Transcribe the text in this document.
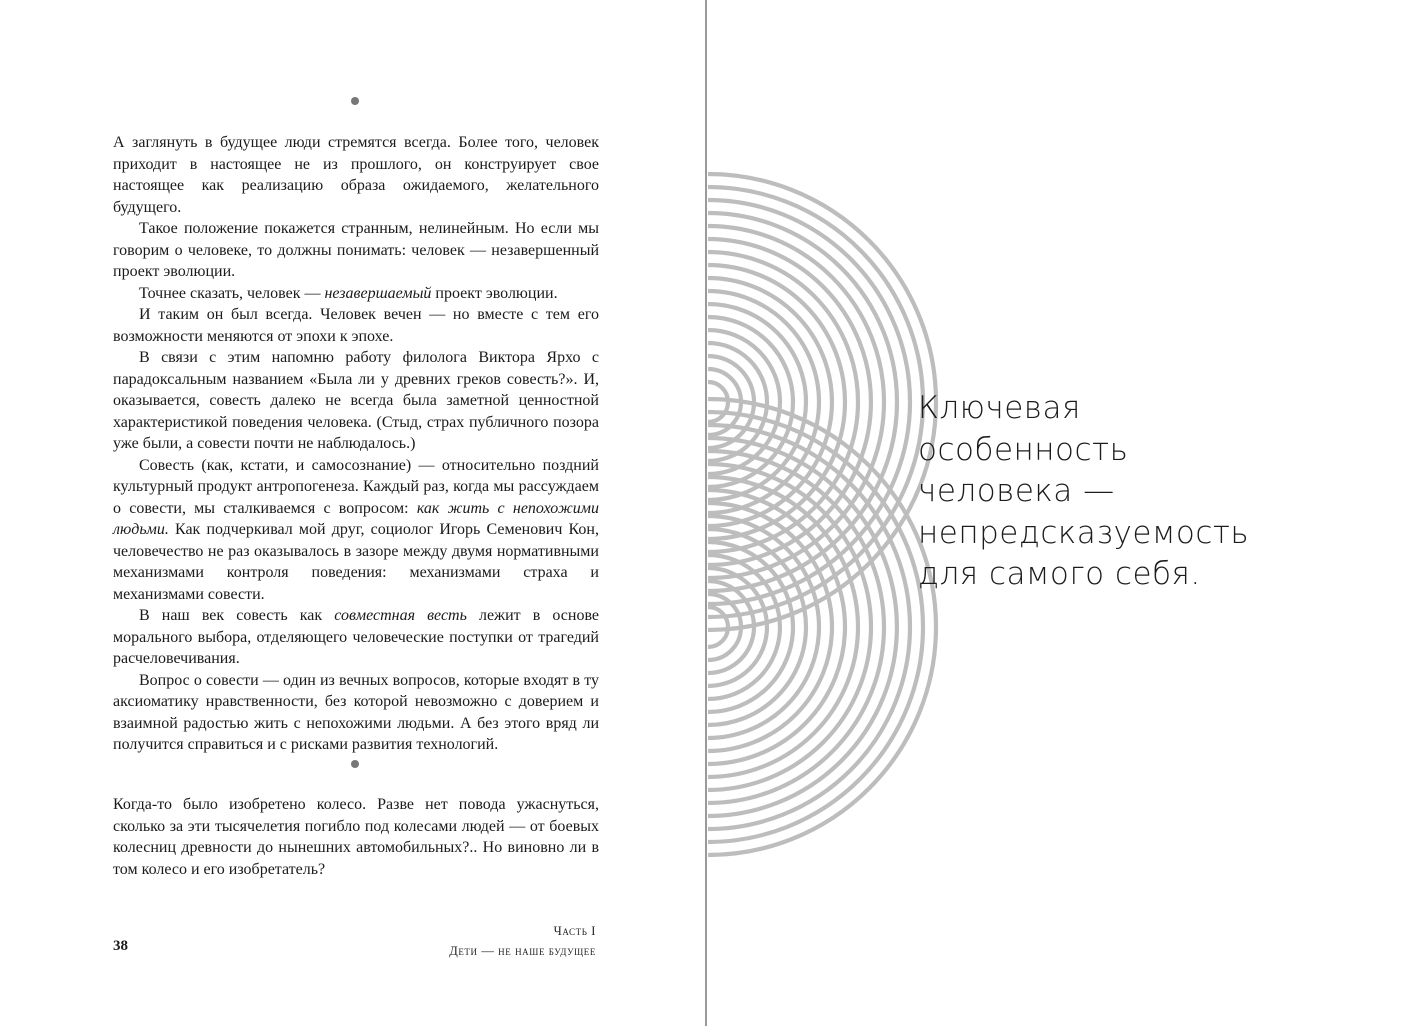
А заглянуть в будущее люди стремятся всегда. Более того, человек приходит в настоящее не из прошлого, он конструирует свое настоящее как реализацию образа ожидаемого, желательного будущего.

Такое положение покажется странным, нелинейным. Но если мы говорим о человеке, то должны понимать: человек — незавершенный проект эволюции.

Точнее сказать, человек — незавершаемый проект эволюции.

И таким он был всегда. Человек вечен — но вместе с тем его возможности меняются от эпохи к эпохе.

В связи с этим напомню работу филолога Виктора Ярхо с парадоксальным названием «Была ли у древних греков совесть?». И, оказывается, совесть далеко не всегда была заметной ценностной характеристикой поведения человека. (Стыд, страх публичного позора уже были, а совести почти не наблюдалось.)

Совесть (как, кстати, и самосознание) — относительно поздний культурный продукт антропогенеза. Каждый раз, когда мы рассуждаем о совести, мы сталкиваемся с вопросом: как жить с непохожими людьми. Как подчеркивал мой друг, социолог Игорь Семенович Кон, человечество не раз оказывалось в зазоре между двумя нормативными механизмами контроля поведения: механизмами страха и механизмами совести.

В наш век совесть как совместная весть лежит в основе морального выбора, отделяющего человеческие поступки от трагедий расчеловечивания.

Вопрос о совести — один из вечных вопросов, которые входят в ту аксиоматику нравственности, без которой невозможно с доверием и взаимной радостью жить с непохожими людьми. А без этого вряд ли получится справиться и с рисками развития технологий.

Когда-то было изобретено колесо. Разве нет повода ужаснуться, сколько за эти тысячелетия погибло под колесами людей — от боевых колесниц древности до нынешних автомобильных?.. Но виновно ли в том колесо и его изобретатель?

38
Часть I
Дети — не наше будущее
Ключевая
особенность
человека —
непредсказуемость
для самого себя.
